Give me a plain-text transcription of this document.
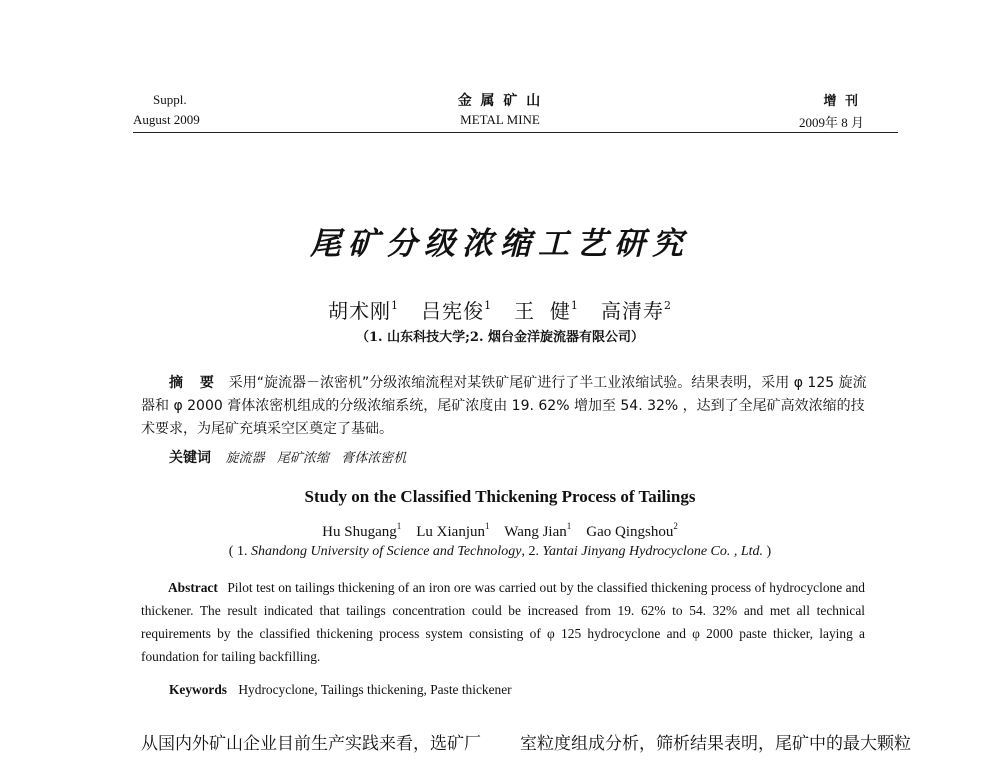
Suppl.
August 2009
金 属 矿 山
METAL MINE
增 刊
2009年 8 月
尾矿分级浓缩工艺研究
胡术刚$^1$ 吕宪俊$^1$ 王  健$^1$ 高清寿$^2$
（1. 山东科技大学;2. 烟台金洋旋流器有限公司）
摘 要 采用“旋流器－浓密机”分级浓缩流程对某铁矿尾矿进行了半工业浓缩试验。结果表明，采用 φ 125 旋流器和 φ 2000 膏体浓密机组成的分级浓缩系统，尾矿浓度由 19. 62% 增加至 54. 32% ，达到了全尾矿高效浓缩的技术要求，为尾矿充填采空区奠定了基础。
关键词 旋流器   尾矿浓缩   膏体浓密机
Study on the Classified Thickening Process of Tailings
Hu Shugang$^1$ Lu Xianjun$^1$ Wang Jian$^1$ Gao Qingshou$^2$
( 1. Shandong University of Science and Technology, 2. Yantai Jinyang Hydrocyclone Co. , Ltd. )
Abstract Pilot test on tailings thickening of an iron ore was carried out by the classified thickening process of hydrocyclone and thickener. The result indicated that tailings concentration could be increased from 19. 62% to 54. 32% and met all technical requirements by the classified thickening process system consisting of φ 125 hydrocyclone and φ 2000 paste thicker, laying a foundation for tailing backfilling.
Keywords Hydrocyclone, Tailings thickening, Paste thickener
从国内外矿山企业目前生产实践来看，选矿厂 室粒度组成分析，筛析结果表明，尾矿中的最大颗粒
